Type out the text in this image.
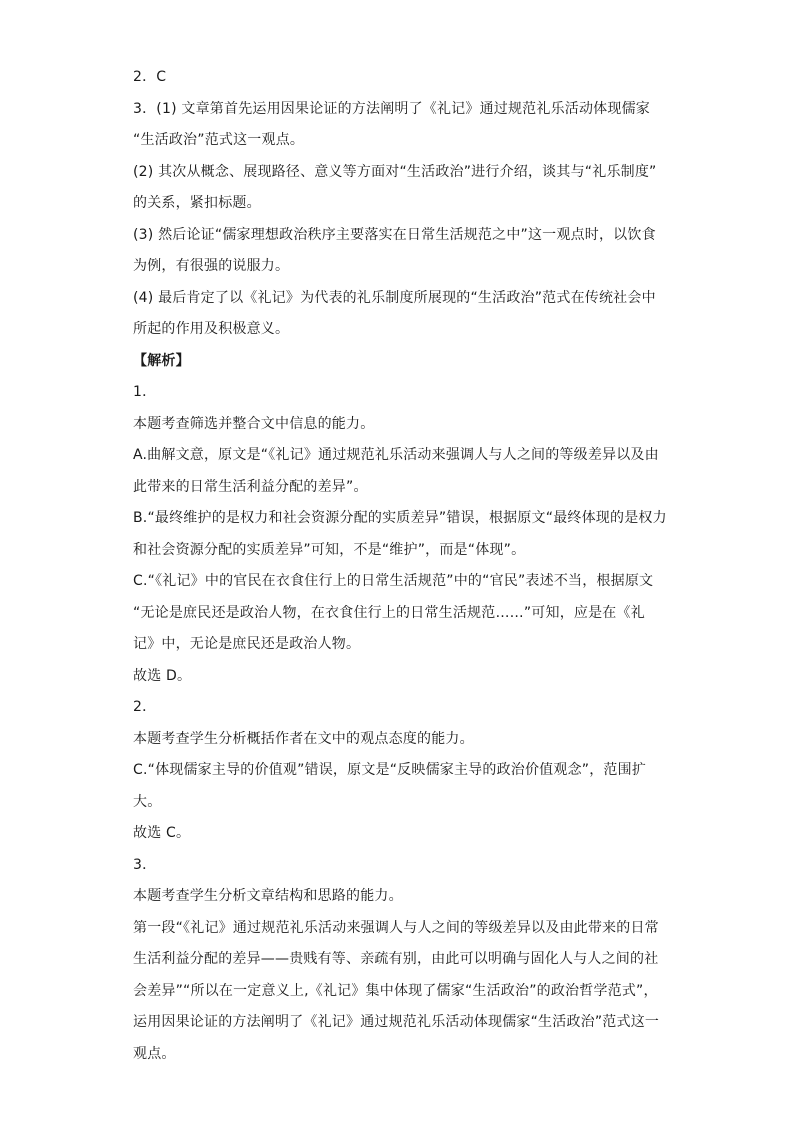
2．C
3．(1) 文章第首先运用因果论证的方法阐明了《礼记》通过规范礼乐活动体现儒家
“生活政治”范式这一观点。
(2) 其次从概念、展现路径、意义等方面对“生活政治”进行介绍，谈其与“礼乐制度”
的关系，紧扣标题。
(3) 然后论证“儒家理想政治秩序主要落实在日常生活规范之中”这一观点时，以饮食
为例，有很强的说服力。
(4) 最后肯定了以《礼记》为代表的礼乐制度所展现的“生活政治”范式在传统社会中
所起的作用及积极意义。
【解析】
1．
本题考查筛选并整合文中信息的能力。
A.曲解文意，原文是“《礼记》通过规范礼乐活动来强调人与人之间的等级差异以及由
此带来的日常生活利益分配的差异”。
B.“最终维护的是权力和社会资源分配的实质差异”错误，根据原文“最终体现的是权力
和社会资源分配的实质差异”可知，不是“维护”，而是“体现”。
C.“《礼记》中的官民在衣食住行上的日常生活规范”中的“官民”表述不当，根据原文
“无论是庶民还是政治人物，在衣食住行上的日常生活规范……”可知，应是在《礼
记》中，无论是庶民还是政治人物。
故选 D。
2．
本题考查学生分析概括作者在文中的观点态度的能力。
C.“体现儒家主导的价值观”错误，原文是“反映儒家主导的政治价值观念”，范围扩
大。
故选 C。
3．
本题考查学生分析文章结构和思路的能力。
第一段“《礼记》通过规范礼乐活动来强调人与人之间的等级差异以及由此带来的日常
生活利益分配的差异——贵贱有等、亲疏有别，由此可以明确与固化人与人之间的社
会差异”“所以在一定意义上,《礼记》集中体现了儒家“生活政治”的政治哲学范式”，
运用因果论证的方法阐明了《礼记》通过规范礼乐活动体现儒家“生活政治”范式这一
观点。
